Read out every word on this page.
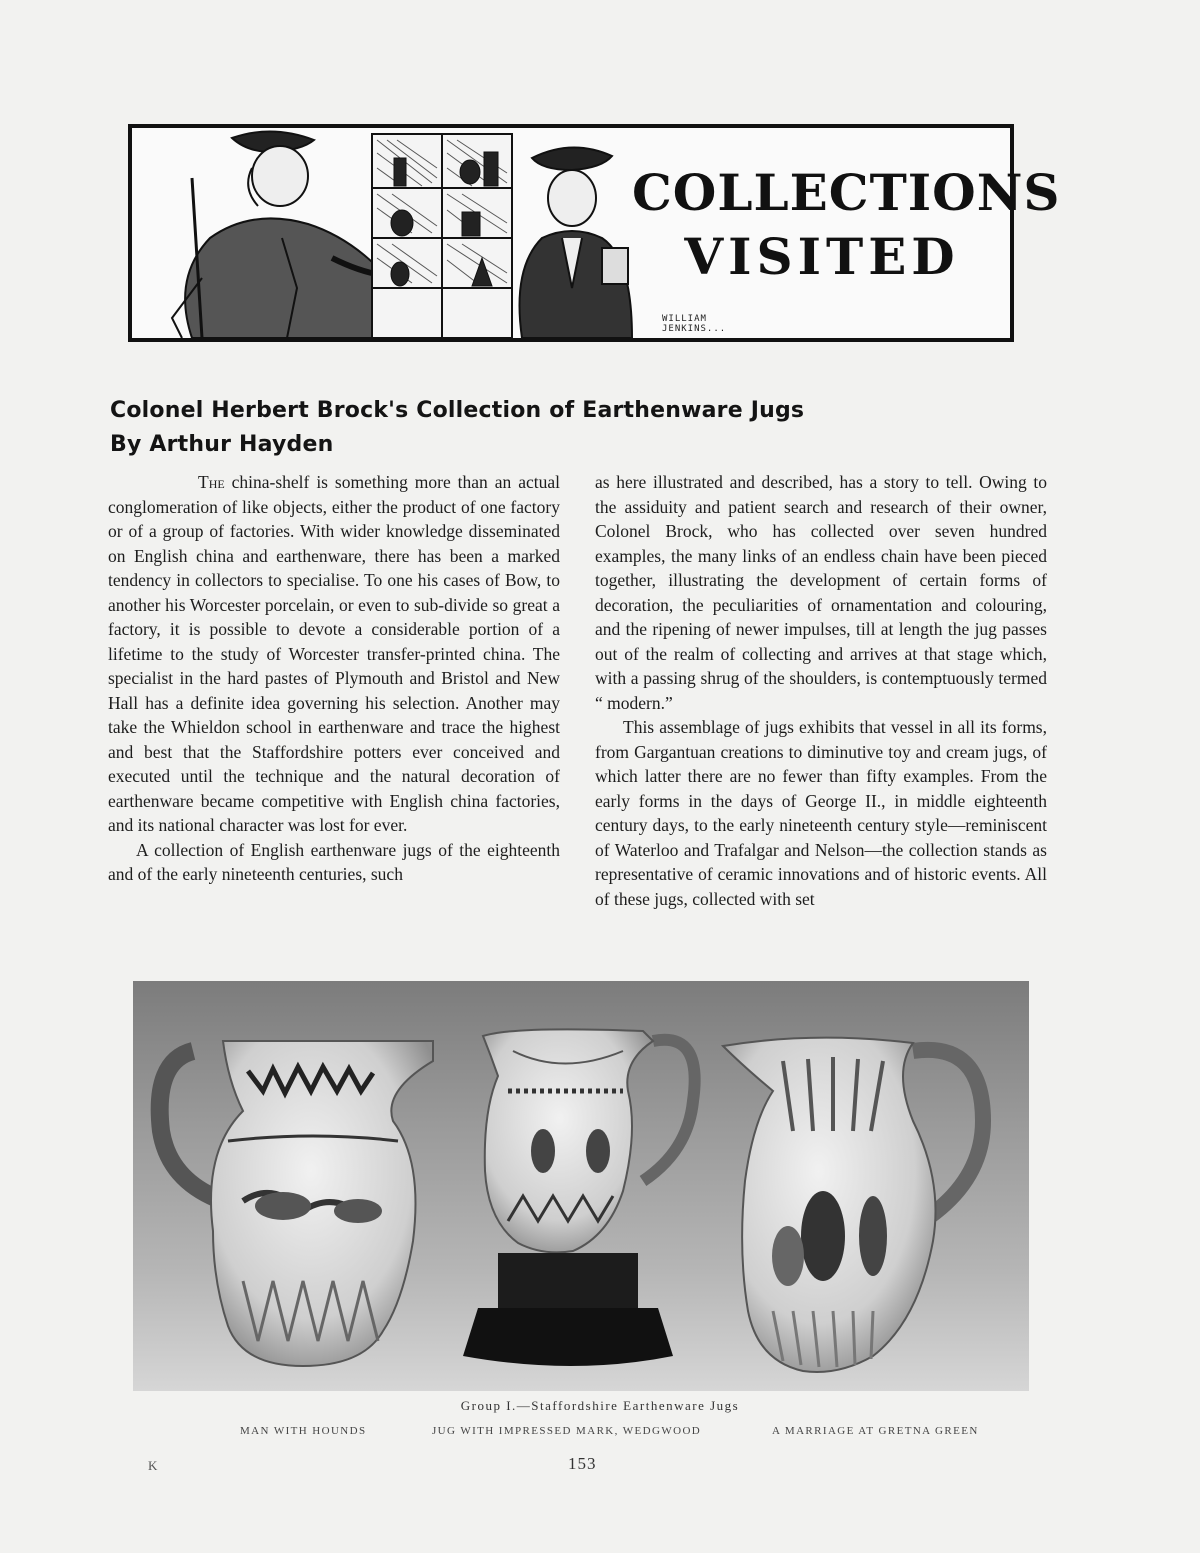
COLLECTIONS
VISITED
WILLIAM
JENKINS...
Colonel Herbert Brock's Collection of Earthenware Jugs
By Arthur Hayden

The china-shelf is something more than an actual conglomeration of like objects, either the product of one factory or of a group of factories. With wider knowledge disseminated on English china and earthenware, there has been a marked tendency in collectors to specialise. To one his cases of Bow, to another his Worcester porcelain, or even to sub-divide so great a factory, it is possible to devote a considerable portion of a lifetime to the study of Worcester transfer-printed china. The specialist in the hard pastes of Plymouth and Bristol and New Hall has a definite idea governing his selection. Another may take the Whieldon school in earthenware and trace the highest and best that the Staffordshire potters ever conceived and executed until the technique and the natural decoration of earthenware became competitive with English china factories, and its national character was lost for ever.

A collection of English earthenware jugs of the eighteenth and of the early nineteenth centuries, such

as here illustrated and described, has a story to tell. Owing to the assiduity and patient search and research of their owner, Colonel Brock, who has collected over seven hundred examples, the many links of an endless chain have been pieced together, illustrating the development of certain forms of decoration, the peculiarities of ornamentation and colouring, and the ripening of newer impulses, till at length the jug passes out of the realm of collecting and arrives at that stage which, with a passing shrug of the shoulders, is contemptuously termed “ modern.”

This assemblage of jugs exhibits that vessel in all its forms, from Gargantuan creations to diminutive toy and cream jugs, of which latter there are no fewer than fifty examples. From the early forms in the days of George II., in middle eighteenth century days, to the early nineteenth century style—reminiscent of Waterloo and Trafalgar and Nelson—the collection stands as representative of ceramic innovations and of historic events. All of these jugs, collected with set

Group I.—Staffordshire Earthenware Jugs
MAN WITH HOUNDS	JUG WITH IMPRESSED MARK, WEDGWOOD	A MARRIAGE AT GRETNA GREEN
K	153
